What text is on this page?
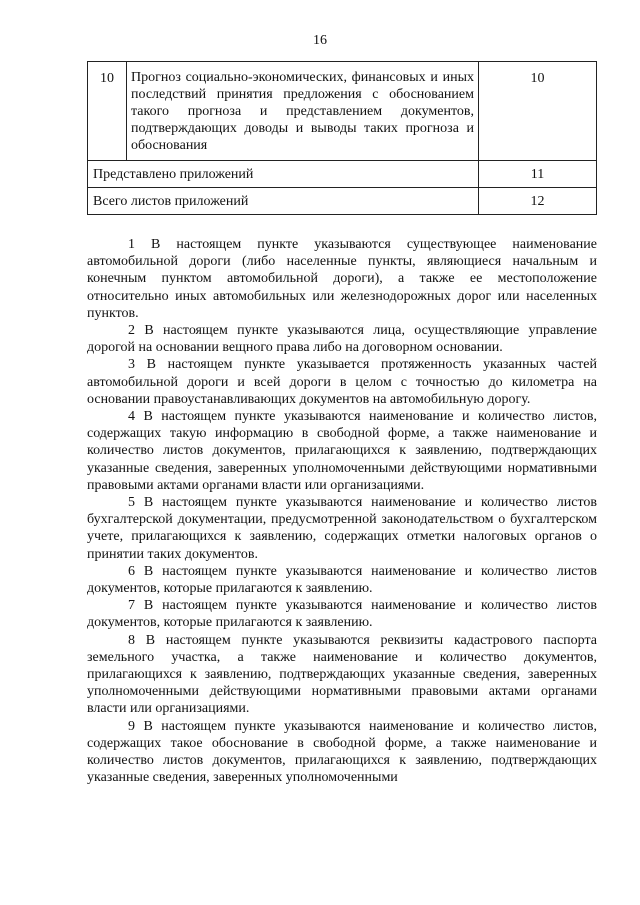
16
10	Прогноз социально-экономических, финансовых и иных последствий принятия предложения с обоснованием такого прогноза и представлением документов, подтверждающих доводы и выводы таких прогноза и обоснования	10
Представлено приложений		11
Всего листов приложений		12

1 В настоящем пункте указываются существующее наименование автомобильной дороги (либо населенные пункты, являющиеся начальным и конечным пунктом автомобильной дороги), а также ее местоположение относительно иных автомобильных или железнодорожных дорог или населенных пунктов.

2 В настоящем пункте указываются лица, осуществляющие управление дорогой на основании вещного права либо на договорном основании.

3 В настоящем пункте указывается протяженность указанных частей автомобильной дороги и всей дороги в целом с точностью до километра на основании правоустанавливающих документов на автомобильную дорогу.

4 В настоящем пункте указываются наименование и количество листов, содержащих такую информацию в свободной форме, а также наименование и количество листов документов, прилагающихся к заявлению, подтверждающих указанные сведения, заверенных уполномоченными действующими нормативными правовыми актами органами власти или организациями.

5 В настоящем пункте указываются наименование и количество листов бухгалтерской документации, предусмотренной законодательством о бухгалтерском учете, прилагающихся к заявлению, содержащих отметки налоговых органов о принятии таких документов.

6 В настоящем пункте указываются наименование и количество листов документов, которые прилагаются к заявлению.

7 В настоящем пункте указываются наименование и количество листов документов, которые прилагаются к заявлению.

8 В настоящем пункте указываются реквизиты кадастрового паспорта земельного участка, а также наименование и количество документов, прилагающихся к заявлению, подтверждающих указанные сведения, заверенных уполномоченными действующими нормативными правовыми актами органами власти или организациями.

9 В настоящем пункте указываются наименование и количество листов, содержащих такое обоснование в свободной форме, а также наименование и количество листов документов, прилагающихся к заявлению, подтверждающих указанные сведения, заверенных уполномоченными
